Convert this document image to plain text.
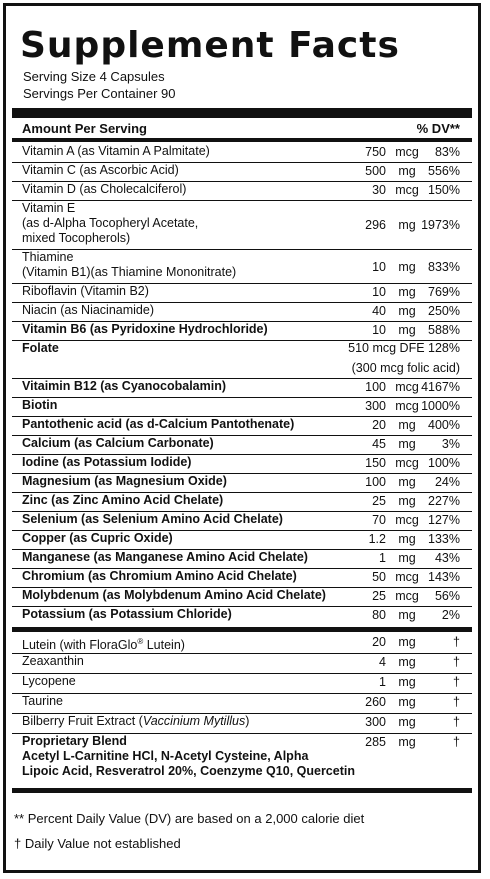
Supplement Facts
Serving Size 4 Capsules
Servings Per Container 90
Amount Per Serving	% DV**
Vitamin A (as Vitamin A Palmitate)	750 mcg	83%
Vitamin C (as Ascorbic Acid)	500 mg 556%
Vitamin D (as Cholecalciferol)	30 mcg 150%
Vitamin E
(as d-Alpha Tocopheryl Acetate,
mixed Tocopherols)
296 mg 1973%
Thiamine
(Vitamin B1)(as Thiamine Mononitrate)	10 mg 833%
Riboflavin (Vitamin B2)	10 mg 769%
Niacin (as Niacinamide)	40 mg 250%
Vitamin B6 (as Pyridoxine Hydrochloride)	10 mg 588%
Folate	510 mcg DFE 128%
(300 mcg folic acid)
Vitaimin B12 (as Cyanocobalamin)	100 mcg 4167%
Biotin	300 mcg 1000%
Pantothenic acid (as d-Calcium Pantothenate)	20 mg 400%
Calcium (as Calcium Carbonate)	45 mg	3%
Iodine (as Potassium Iodide)	150 mcg 100%
Magnesium (as Magnesium Oxide)	100 mg	24%
Zinc (as Zinc Amino Acid Chelate)	25 mg 227%
Selenium (as Selenium Amino Acid Chelate)	70 mcg 127%
Copper (as Cupric Oxide)	1.2 mg 133%
Manganese (as Manganese Amino Acid Chelate)	1 mg	43%
Chromium (as Chromium Amino Acid Chelate)	50 mcg 143%
Molybdenum (as Molybdenum Amino Acid Chelate)	25 mcg	56%
Potassium (as Potassium Chloride)	80 mg	2%
Lutein (with FloraGlo® Lutein)	20 mg	†
Zeaxanthin	4 mg	†
Lycopene	1 mg	†
Taurine	260 mg	†
Bilberry Fruit Extract (Vaccinium Mytillus)	300 mg	†
Proprietary Blend
Acetyl L-Carnitine HCl, N-Acetyl Cysteine, Alpha
Lipoic Acid, Resveratrol 20%, Coenzyme Q10, Quercetin
285 mg	†
** Percent Daily Value (DV) are based on a 2,000 calorie diet
† Daily Value not established
